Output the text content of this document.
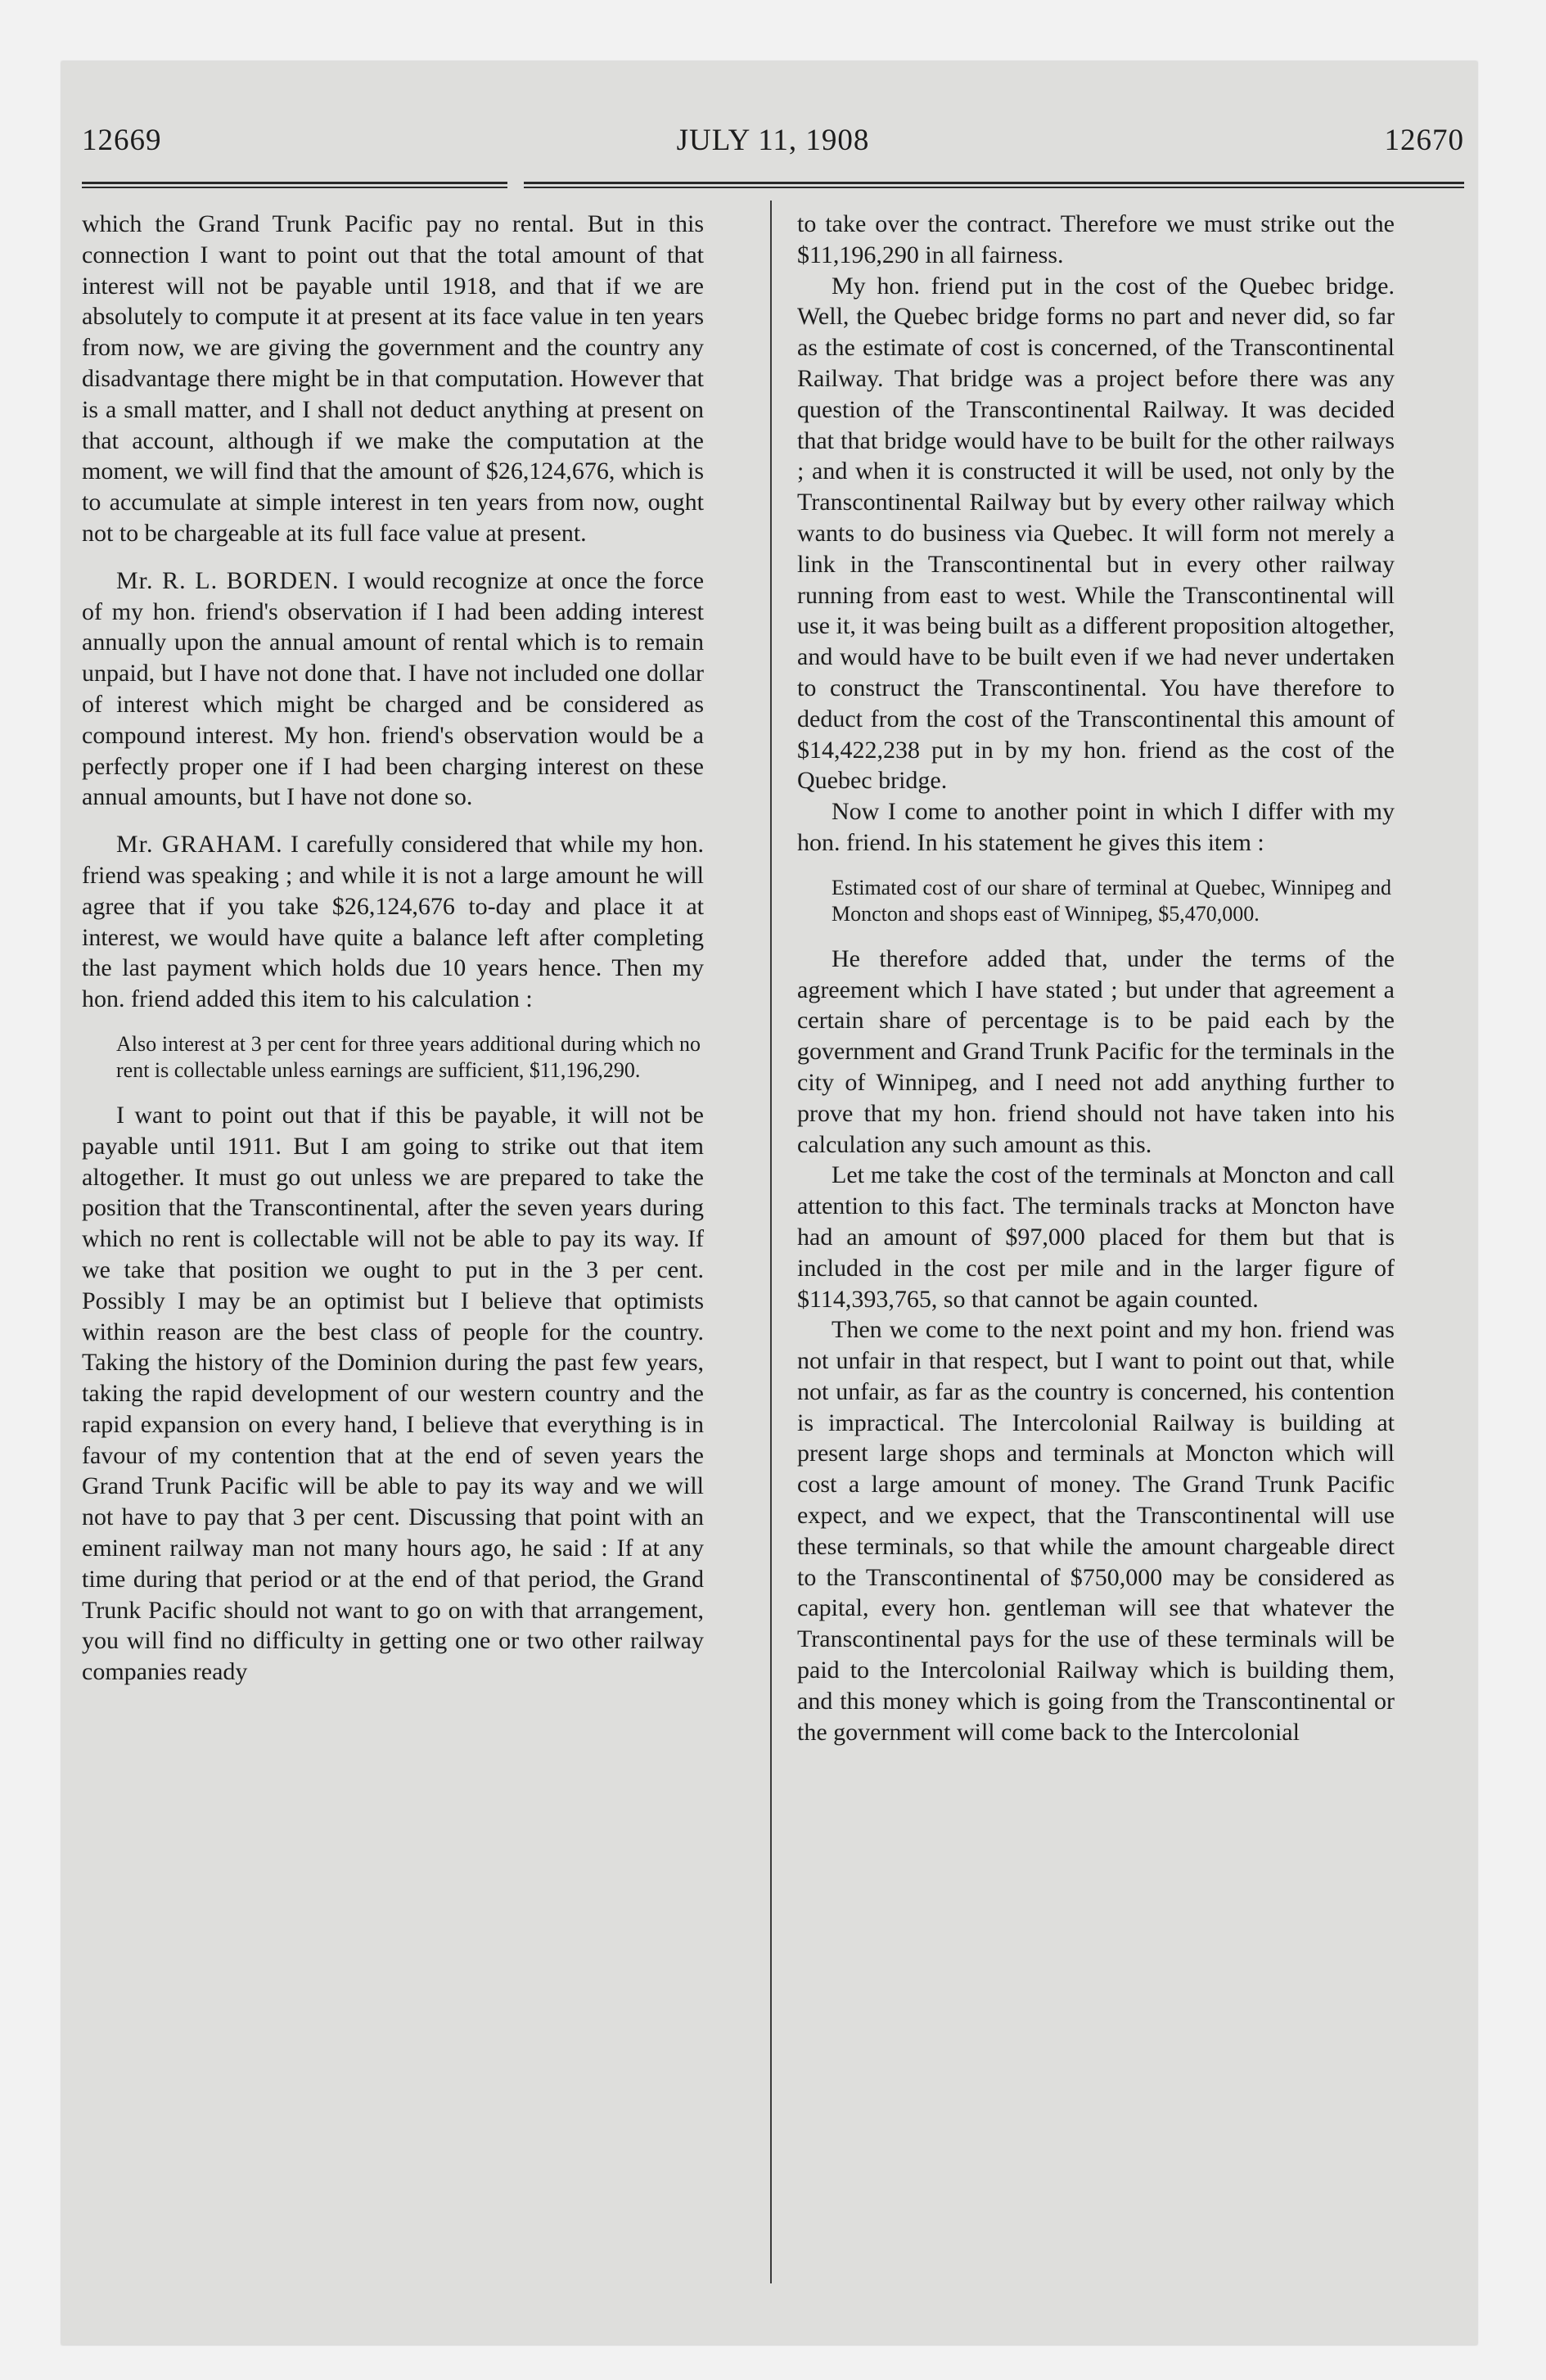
12669	JULY 11, 1908	12670

which the Grand Trunk Pacific pay no rental. But in this connection I want to point out that the total amount of that interest will not be payable until 1918, and that if we are absolutely to compute it at present at its face value in ten years from now, we are giving the government and the country any disadvantage there might be in that computation. However that is a small matter, and I shall not deduct anything at present on that account, although if we make the computation at the moment, we will find that the amount of $26,124,676, which is to accumulate at simple interest in ten years from now, ought not to be chargeable at its full face value at present.

Mr. R. L. BORDEN. I would recognize at once the force of my hon. friend's observation if I had been adding interest annually upon the annual amount of rental which is to remain unpaid, but I have not done that. I have not included one dollar of interest which might be charged and be considered as compound interest. My hon. friend's observation would be a perfectly proper one if I had been charging interest on these annual amounts, but I have not done so.

Mr. GRAHAM. I carefully considered that while my hon. friend was speaking ; and while it is not a large amount he will agree that if you take $26,124,676 to-day and place it at interest, we would have quite a balance left after completing the last payment which holds due 10 years hence. Then my hon. friend added this item to his calculation :

Also interest at 3 per cent for three years additional during which no rent is collectable unless earnings are sufficient, $11,196,290.

I want to point out that if this be payable, it will not be payable until 1911. But I am going to strike out that item altogether. It must go out unless we are prepared to take the position that the Transcontinental, after the seven years during which no rent is collectable will not be able to pay its way. If we take that position we ought to put in the 3 per cent. Possibly I may be an optimist but I believe that optimists within reason are the best class of people for the country. Taking the history of the Dominion during the past few years, taking the rapid development of our western country and the rapid expansion on every hand, I believe that everything is in favour of my contention that at the end of seven years the Grand Trunk Pacific will be able to pay its way and we will not have to pay that 3 per cent. Discussing that point with an eminent railway man not many hours ago, he said : If at any time during that period or at the end of that period, the Grand Trunk Pacific should not want to go on with that arrangement, you will find no difficulty in getting one or two other railway companies ready

to take over the contract. Therefore we must strike out the $11,196,290 in all fairness.

My hon. friend put in the cost of the Quebec bridge. Well, the Quebec bridge forms no part and never did, so far as the estimate of cost is concerned, of the Transcontinental Railway. That bridge was a project before there was any question of the Transcontinental Railway. It was decided that that bridge would have to be built for the other railways ; and when it is constructed it will be used, not only by the Transcontinental Railway but by every other railway which wants to do business via Quebec. It will form not merely a link in the Transcontinental but in every other railway running from east to west. While the Transcontinental will use it, it was being built as a different proposition altogether, and would have to be built even if we had never undertaken to construct the Transcontinental. You have therefore to deduct from the cost of the Transcontinental this amount of $14,422,238 put in by my hon. friend as the cost of the Quebec bridge.

Now I come to another point in which I differ with my hon. friend. In his statement he gives this item :

Estimated cost of our share of terminal at Quebec, Winnipeg and Moncton and shops east of Winnipeg, $5,470,000.

He therefore added that, under the terms of the agreement which I have stated ; but under that agreement a certain share of percentage is to be paid each by the government and Grand Trunk Pacific for the terminals in the city of Winnipeg, and I need not add anything further to prove that my hon. friend should not have taken into his calculation any such amount as this.

Let me take the cost of the terminals at Moncton and call attention to this fact. The terminals tracks at Moncton have had an amount of $97,000 placed for them but that is included in the cost per mile and in the larger figure of $114,393,765, so that cannot be again counted.

Then we come to the next point and my hon. friend was not unfair in that respect, but I want to point out that, while not unfair, as far as the country is concerned, his contention is impractical. The Intercolonial Railway is building at present large shops and terminals at Moncton which will cost a large amount of money. The Grand Trunk Pacific expect, and we expect, that the Transcontinental will use these terminals, so that while the amount chargeable direct to the Transcontinental of $750,000 may be considered as capital, every hon. gentleman will see that whatever the Transcontinental pays for the use of these terminals will be paid to the Intercolonial Railway which is building them, and this money which is going from the Transcontinental or the government will come back to the Intercolonial
